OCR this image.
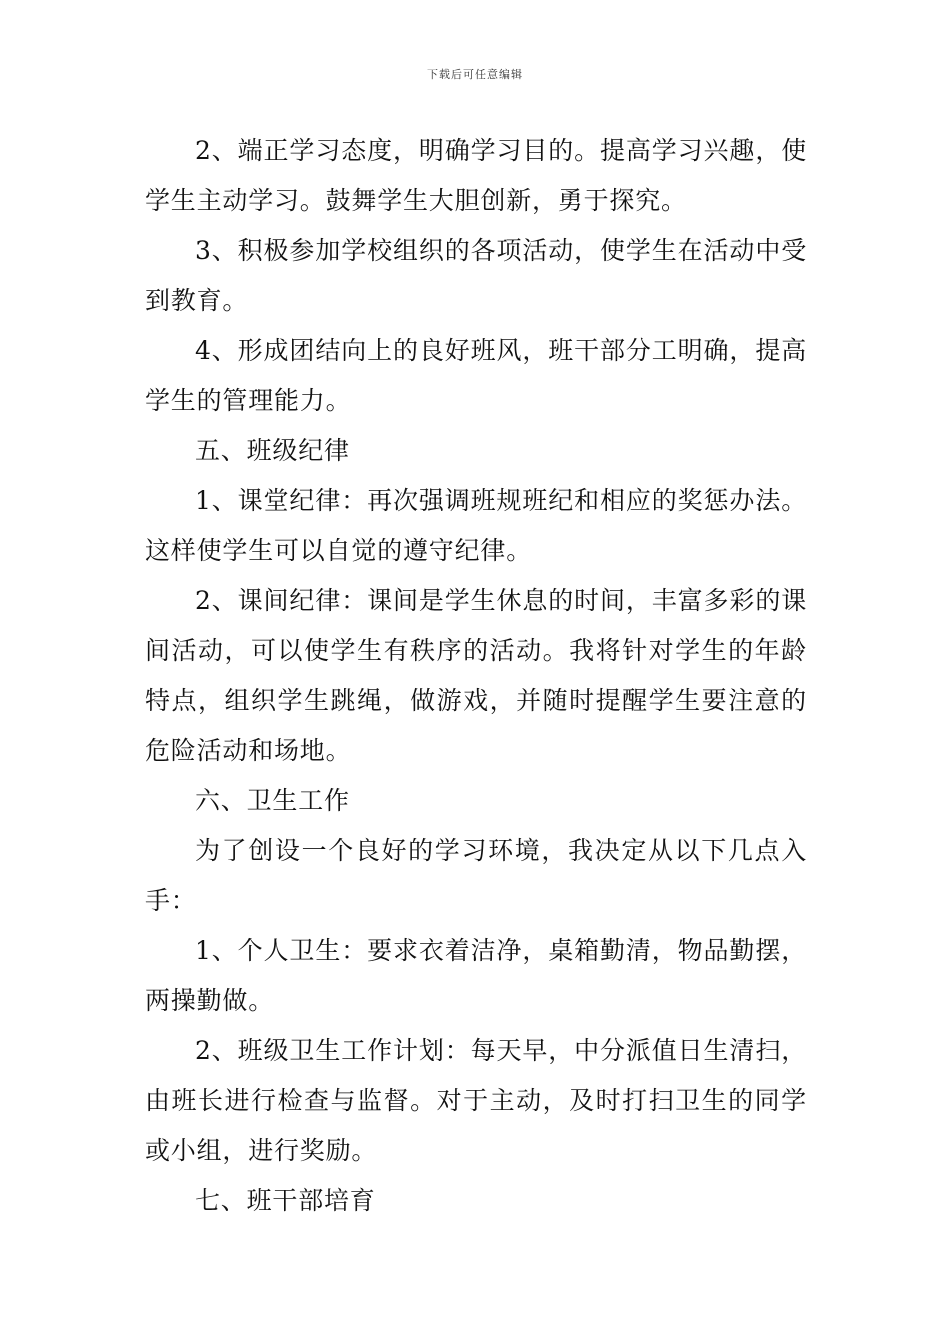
下载后可任意编辑

2、端正学习态度，明确学习目的。提高学习兴趣，使学生主动学习。鼓舞学生大胆创新，勇于探究。

3、积极参加学校组织的各项活动，使学生在活动中受到教育。

4、形成团结向上的良好班风，班干部分工明确，提高学生的管理能力。

五、班级纪律

1、课堂纪律：再次强调班规班纪和相应的奖惩办法。这样使学生可以自觉的遵守纪律。

2、课间纪律：课间是学生休息的时间，丰富多彩的课间活动，可以使学生有秩序的活动。我将针对学生的年龄特点，组织学生跳绳，做游戏，并随时提醒学生要注意的危险活动和场地。

六、卫生工作

为了创设一个良好的学习环境，我决定从以下几点入手：

1、个人卫生：要求衣着洁净，桌箱勤清，物品勤摆，两操勤做。

2、班级卫生工作计划：每天早，中分派值日生清扫，由班长进行检查与监督。对于主动，及时打扫卫生的同学或小组，进行奖励。

七、班干部培育
